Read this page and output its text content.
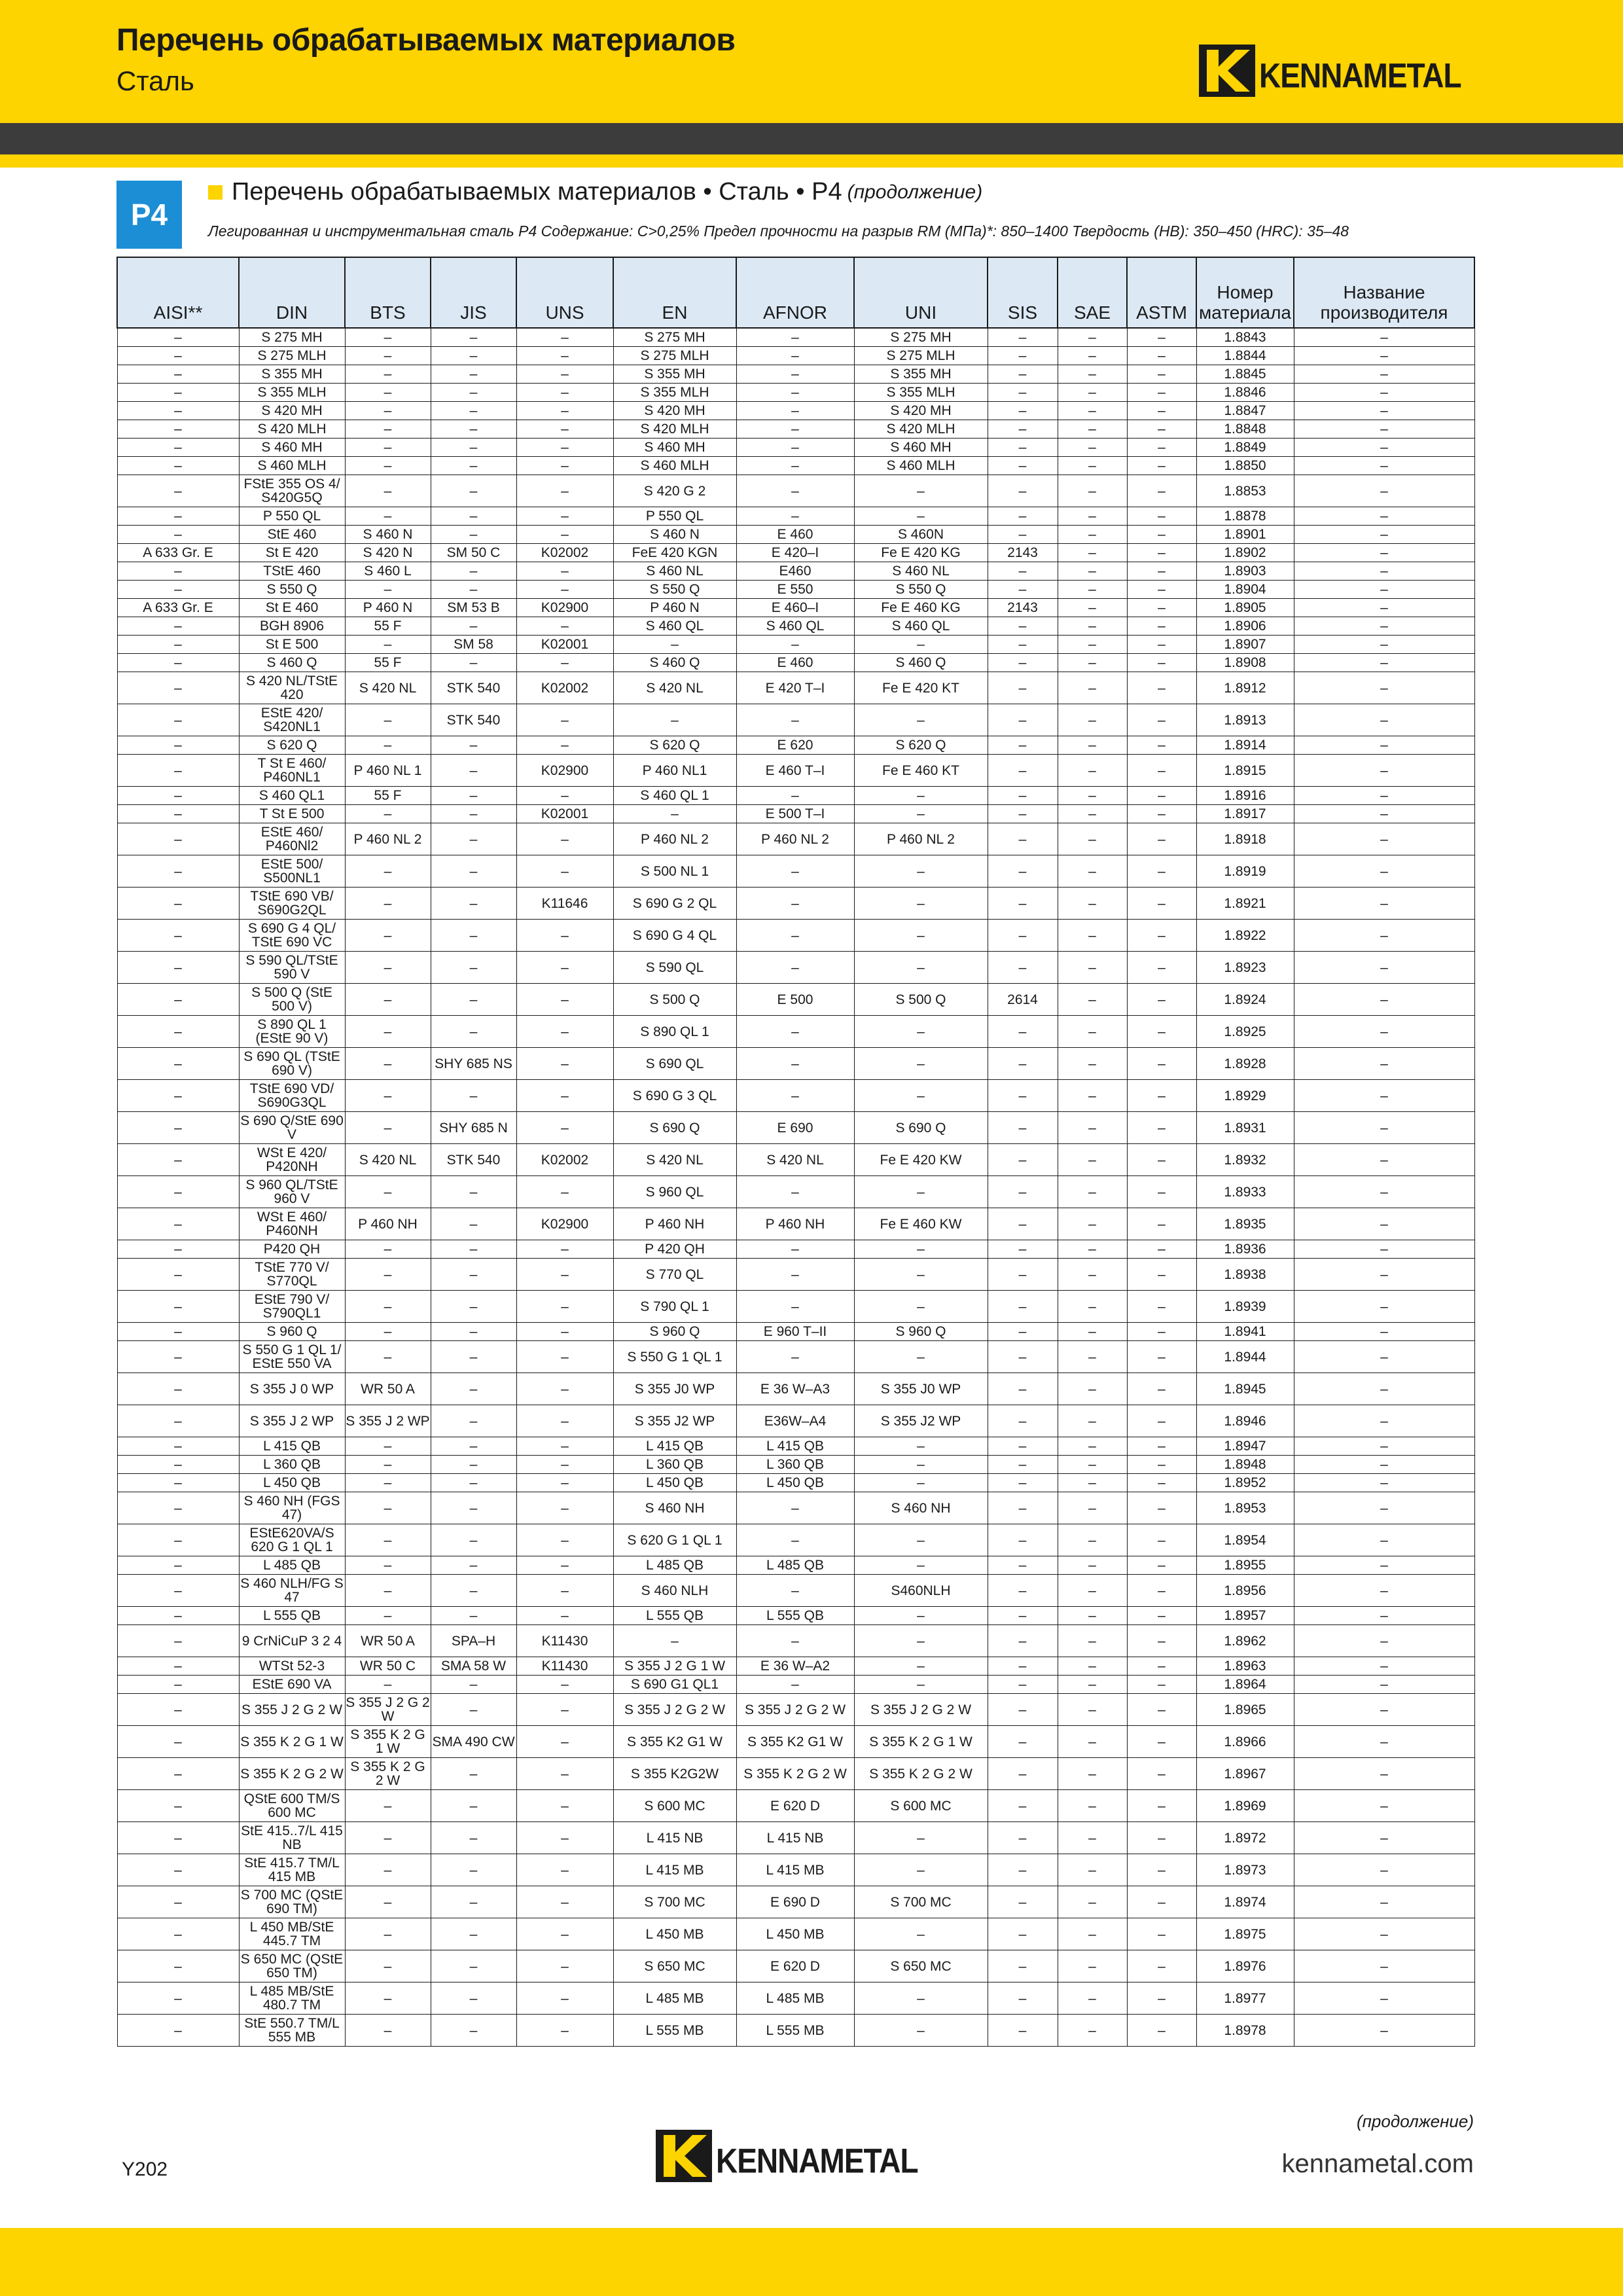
Перечень обрабатываемых материалов
Сталь	KENNAMETAL
P4
Перечень обрабатываемых материалов • Сталь • P4 (продолжение)
Легированная и инструментальная сталь P4 Содержание: C>0,25% Предел прочности на разрыв RM (МПа)*: 850–1400 Твердость (HB): 350–450 (HRC): 35–48
AISI**	DIN	BTS	JIS	UNS	EN	AFNOR	UNI	SIS	SAE	ASTM	Номер материала	Название производителя
–	S 275 MH	–	–	–	S 275 MH	–	S 275 MH	–	–	–	1.8843	–
–	S 275 MLH	–	–	–	S 275 MLH	–	S 275 MLH	–	–	–	1.8844	–
–	S 355 MH	–	–	–	S 355 MH	–	S 355 MH	–	–	–	1.8845	–
–	S 355 MLH	–	–	–	S 355 MLH	–	S 355 MLH	–	–	–	1.8846	–
–	S 420 MH	–	–	–	S 420 MH	–	S 420 MH	–	–	–	1.8847	–
–	S 420 MLH	–	–	–	S 420 MLH	–	S 420 MLH	–	–	–	1.8848	–
–	S 460 MH	–	–	–	S 460 MH	–	S 460 MH	–	–	–	1.8849	–
–	S 460 MLH	–	–	–	S 460 MLH	–	S 460 MLH	–	–	–	1.8850	–
–	FStE 355 OS 4/ S420G5Q	–	–	–	S 420 G 2	–	–	–	–	–	1.8853	–
–	P 550 QL	–	–	–	P 550 QL	–	–	–	–	–	1.8878	–
–	StE 460	S 460 N	–	–	S 460 N	E 460	S 460N	–	–	–	1.8901	–
A 633 Gr. E	St E 420	S 420 N	SM 50 C	K02002	FeE 420 KGN	E 420–I	Fe E 420 KG	2143	–	–	1.8902	–
–	TStE 460	S 460 L	–	–	S 460 NL	E460	S 460 NL	–	–	–	1.8903	–
–	S 550 Q	–	–	–	S 550 Q	E 550	S 550 Q	–	–	–	1.8904	–
A 633 Gr. E	St E 460	P 460 N	SM 53 B	K02900	P 460 N	E 460–I	Fe E 460 KG	2143	–	–	1.8905	–
–	BGH 8906	55 F	–	–	S 460 QL	S 460 QL	S 460 QL	–	–	–	1.8906	–
–	St E 500	–	SM 58	K02001	–	–	–	–	–	–	1.8907	–
–	S 460 Q	55 F	–	–	S 460 Q	E 460	S 460 Q	–	–	–	1.8908	–
–	S 420 NL/TStE 420	S 420 NL	STK 540	K02002	S 420 NL	E 420 T–I	Fe E 420 KT	–	–	–	1.8912	–
–	EStE 420/ S420NL1	–	STK 540	–	–	–	–	–	–	–	1.8913	–
–	S 620 Q	–	–	–	S 620 Q	E 620	S 620 Q	–	–	–	1.8914	–
–	T St E 460/ P460NL1	P 460 NL 1	–	K02900	P 460 NL1	E 460 T–I	Fe E 460 KT	–	–	–	1.8915	–
–	S 460 QL1	55 F	–	–	S 460 QL 1	–	–	–	–	–	1.8916	–
–	T St E 500	–	–	K02001	–	E 500 T–I	–	–	–	–	1.8917	–
–	EStE 460/ P460Nl2	P 460 NL 2	–	–	P 460 NL 2	P 460 NL 2	P 460 NL 2	–	–	–	1.8918	–
–	EStE 500/ S500NL1	–	–	–	S 500 NL 1	–	–	–	–	–	1.8919	–
–	TStE 690 VB/ S690G2QL	–	–	K11646	S 690 G 2 QL	–	–	–	–	–	1.8921	–
–	S 690 G 4 QL/ TStE 690 VC	–	–	–	S 690 G 4 QL	–	–	–	–	–	1.8922	–
–	S 590 QL/TStE 590 V	–	–	–	S 590 QL	–	–	–	–	–	1.8923	–
–	S 500 Q (StE 500 V)	–	–	–	S 500 Q	E 500	S 500 Q	2614	–	–	1.8924	–
–	S 890 QL 1 (EStE 90 V)	–	–	–	S 890 QL 1	–	–	–	–	–	1.8925	–
–	S 690 QL (TStE 690 V)	–	SHY 685 NS	–	S 690 QL	–	–	–	–	–	1.8928	–
–	TStE 690 VD/ S690G3QL	–	–	–	S 690 G 3 QL	–	–	–	–	–	1.8929	–
–	S 690 Q/StE 690 V	–	SHY 685 N	–	S 690 Q	E 690	S 690 Q	–	–	–	1.8931	–
–	WSt E 420/ P420NH	S 420 NL	STK 540	K02002	S 420 NL	S 420 NL	Fe E 420 KW	–	–	–	1.8932	–
–	S 960 QL/TStE 960 V	–	–	–	S 960 QL	–	–	–	–	–	1.8933	–
–	WSt E 460/ P460NH	P 460 NH	–	K02900	P 460 NH	P 460 NH	Fe E 460 KW	–	–	–	1.8935	–
–	P420 QH	–	–	–	P 420 QH	–	–	–	–	–	1.8936	–
–	TStE 770 V/ S770QL	–	–	–	S 770 QL	–	–	–	–	–	1.8938	–
–	EStE 790 V/ S790QL1	–	–	–	S 790 QL 1	–	–	–	–	–	1.8939	–
–	S 960 Q	–	–	–	S 960 Q	E 960 T–II	S 960 Q	–	–	–	1.8941	–
–	S 550 G 1 QL 1/ EStE 550 VA	–	–	–	S 550 G 1 QL 1	–	–	–	–	–	1.8944	–
–	S 355 J 0 WP	WR 50 A	–	–	S 355 J0 WP	E 36 W–A3	S 355 J0 WP	–	–	–	1.8945	–
–	S 355 J 2 WP	S 355 J 2 WP	–	–	S 355 J2 WP	E36W–A4	S 355 J2 WP	–	–	–	1.8946	–
–	L 415 QB	–	–	–	L 415 QB	L 415 QB	–	–	–	–	1.8947	–
–	L 360 QB	–	–	–	L 360 QB	L 360 QB	–	–	–	–	1.8948	–
–	L 450 QB	–	–	–	L 450 QB	L 450 QB	–	–	–	–	1.8952	–
–	S 460 NH (FGS 47)	–	–	–	S 460 NH	–	S 460 NH	–	–	–	1.8953	–
–	EStE620VA/S 620 G 1 QL 1	–	–	–	S 620 G 1 QL 1	–	–	–	–	–	1.8954	–
–	L 485 QB	–	–	–	L 485 QB	L 485 QB	–	–	–	–	1.8955	–
–	S 460 NLH/FG S 47	–	–	–	S 460 NLH	–	S460NLH	–	–	–	1.8956	–
–	L 555 QB	–	–	–	L 555 QB	L 555 QB	–	–	–	–	1.8957	–
–	9 CrNiCuP 3 2 4	WR 50 A	SPA–H	K11430	–	–	–	–	–	–	1.8962	–
–	WTSt 52-3	WR 50 C	SMA 58 W	K11430	S 355 J 2 G 1 W	E 36 W–A2	–	–	–	–	1.8963	–
–	EStE 690 VA	–	–	–	S 690 G1 QL1	–	–	–	–	–	1.8964	–
–	S 355 J 2 G 2 W	S 355 J 2 G 2 W	–	–	S 355 J 2 G 2 W	S 355 J 2 G 2 W	S 355 J 2 G 2 W	–	–	–	1.8965	–
–	S 355 K 2 G 1 W	S 355 K 2 G 1 W	SMA 490 CW	–	S 355 K2 G1 W	S 355 K2 G1 W	S 355 K 2 G 1 W	–	–	–	1.8966	–
–	S 355 K 2 G 2 W	S 355 K 2 G 2 W	–	–	S 355 K2G2W	S 355 K 2 G 2 W	S 355 K 2 G 2 W	–	–	–	1.8967	–
–	QStE 600 TM/S 600 MC	–	–	–	S 600 MC	E 620 D	S 600 MC	–	–	–	1.8969	–
–	StE 415..7/L 415 NB	–	–	–	L 415 NB	L 415 NB	–	–	–	–	1.8972	–
–	StE 415.7 TM/L 415 MB	–	–	–	L 415 MB	L 415 MB	–	–	–	–	1.8973	–
–	S 700 MC (QStE 690 TM)	–	–	–	S 700 MC	E 690 D	S 700 MC	–	–	–	1.8974	–
–	L 450 MB/StE 445.7 TM	–	–	–	L 450 MB	L 450 MB	–	–	–	–	1.8975	–
–	S 650 MC (QStE 650 TM)	–	–	–	S 650 MC	E 620 D	S 650 MC	–	–	–	1.8976	–
–	L 485 MB/StE 480.7 TM	–	–	–	L 485 MB	L 485 MB	–	–	–	–	1.8977	–
–	StE 550.7 TM/L 555 MB	–	–	–	L 555 MB	L 555 MB	–	–	–	–	1.8978	–
(продолжение)
Y202	KENNAMETAL	kennametal.com
